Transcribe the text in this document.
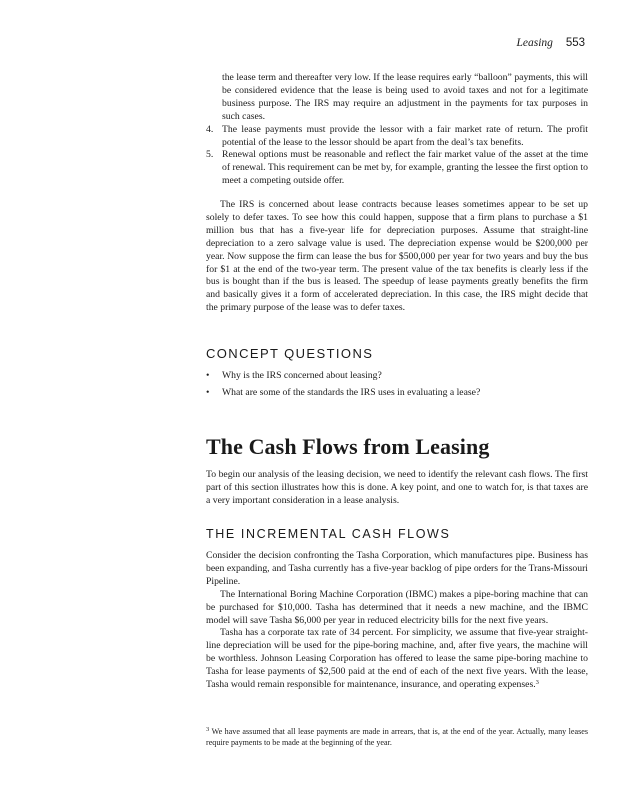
Leasing 553

the lease term and thereafter very low. If the lease requires early “balloon” payments, this will be considered evidence that the lease is being used to avoid taxes and not for a legitimate business purpose. The IRS may require an adjustment in the payments for tax purposes in such cases.

4. The lease payments must provide the lessor with a fair market rate of return. The profit potential of the lease to the lessor should be apart from the deal’s tax benefits.
5. Renewal options must be reasonable and reflect the fair market value of the asset at the time of renewal. This requirement can be met by, for example, granting the lessee the first option to meet a competing outside offer.

The IRS is concerned about lease contracts because leases sometimes appear to be set up solely to defer taxes. To see how this could happen, suppose that a firm plans to purchase a $1 million bus that has a five-year life for depreciation purposes. Assume that straight-line depreciation to a zero salvage value is used. The depreciation expense would be $200,000 per year. Now suppose the firm can lease the bus for $500,000 per year for two years and buy the bus for $1 at the end of the two-year term. The present value of the tax benefits is clearly less if the bus is bought than if the bus is leased. The speedup of lease payments greatly benefits the firm and basically gives it a form of accelerated depreciation. In this case, the IRS might decide that the primary purpose of the lease was to defer taxes.

CONCEPT QUESTIONS
• Why is the IRS concerned about leasing?
• What are some of the standards the IRS uses in evaluating a lease?
The Cash Flows from Leasing

To begin our analysis of the leasing decision, we need to identify the relevant cash flows. The first part of this section illustrates how this is done. A key point, and one to watch for, is that taxes are a very important consideration in a lease analysis.

THE INCREMENTAL CASH FLOWS

Consider the decision confronting the Tasha Corporation, which manufactures pipe. Business has been expanding, and Tasha currently has a five-year backlog of pipe orders for the Trans-Missouri Pipeline.

The International Boring Machine Corporation (IBMC) makes a pipe-boring machine that can be purchased for $10,000. Tasha has determined that it needs a new machine, and the IBMC model will save Tasha $6,000 per year in reduced electricity bills for the next five years.

Tasha has a corporate tax rate of 34 percent. For simplicity, we assume that five-year straight-line depreciation will be used for the pipe-boring machine, and, after five years, the machine will be worthless. Johnson Leasing Corporation has offered to lease the same pipe-boring machine to Tasha for lease payments of $2,500 paid at the end of each of the next five years. With the lease, Tasha would remain responsible for maintenance, insurance, and operating expenses.$^3$

$^3$ We have assumed that all lease payments are made in arrears, that is, at the end of the year. Actually, many leases require payments to be made at the beginning of the year.
